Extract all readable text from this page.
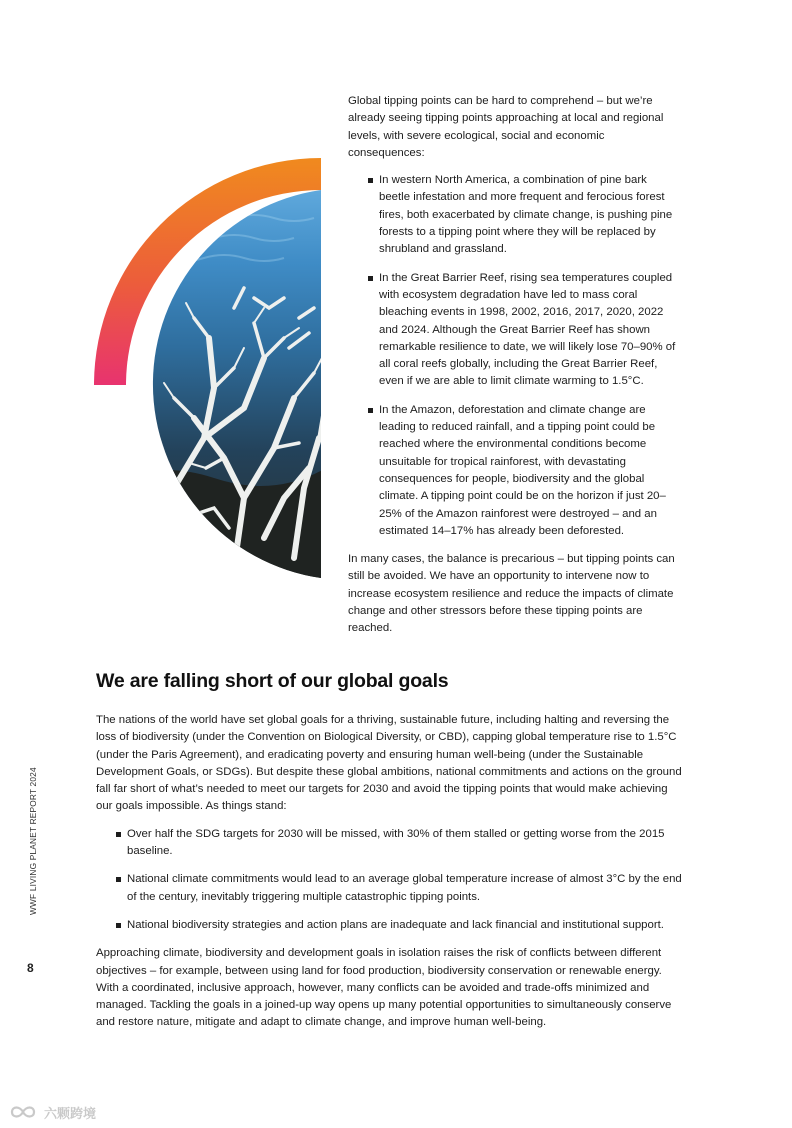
Global tipping points can be hard to comprehend – but we’re already seeing tipping points approaching at local and regional levels, with severe ecological, social and economic consequences:

In western North America, a combination of pine bark beetle infestation and more frequent and ferocious forest fires, both exacerbated by climate change, is pushing pine forests to a tipping point where they will be replaced by shrubland and grassland.
In the Great Barrier Reef, rising sea temperatures coupled with ecosystem degradation have led to mass coral bleaching events in 1998, 2002, 2016, 2017, 2020, 2022 and 2024. Although the Great Barrier Reef has shown remarkable resilience to date, we will likely lose 70–90% of all coral reefs globally, including the Great Barrier Reef, even if we are able to limit climate warming to 1.5°C.
In the Amazon, deforestation and climate change are leading to reduced rainfall, and a tipping point could be reached where the environmental conditions become unsuitable for tropical rainforest, with devastating consequences for people, biodiversity and the global climate. A tipping point could be on the horizon if just 20–25% of the Amazon rainforest were destroyed – and an estimated 14–17% has already been deforested.

In many cases, the balance is precarious – but tipping points can still be avoided. We have an opportunity to intervene now to increase ecosystem resilience and reduce the impacts of climate change and other stressors before these tipping points are reached.

We are falling short of our global goals

The nations of the world have set global goals for a thriving, sustainable future, including halting and reversing the loss of biodiversity (under the Convention on Biological Diversity, or CBD), capping global temperature rise to 1.5°C (under the Paris Agreement), and eradicating poverty and ensuring human well-being (under the Sustainable Development Goals, or SDGs). But despite these global ambitions, national commitments and actions on the ground fall far short of what’s needed to meet our targets for 2030 and avoid the tipping points that would make achieving our goals impossible. As things stand:

Over half the SDG targets for 2030 will be missed, with 30% of them stalled or getting worse from the 2015 baseline.
National climate commitments would lead to an average global temperature increase of almost 3°C by the end of the century, inevitably triggering multiple catastrophic tipping points.
National biodiversity strategies and action plans are inadequate and lack financial and institutional support.

Approaching climate, biodiversity and development goals in isolation raises the risk of conflicts between different objectives – for example, between using land for food production, biodiversity conservation or renewable energy. With a coordinated, inclusive approach, however, many conflicts can be avoided and trade-offs minimized and managed. Tackling the goals in a joined-up way opens up many potential opportunities to simultaneously conserve and restore nature, mitigate and adapt to climate change, and improve human well-being.

WWF LIVING PLANET REPORT 2024
8
六颗跨境
